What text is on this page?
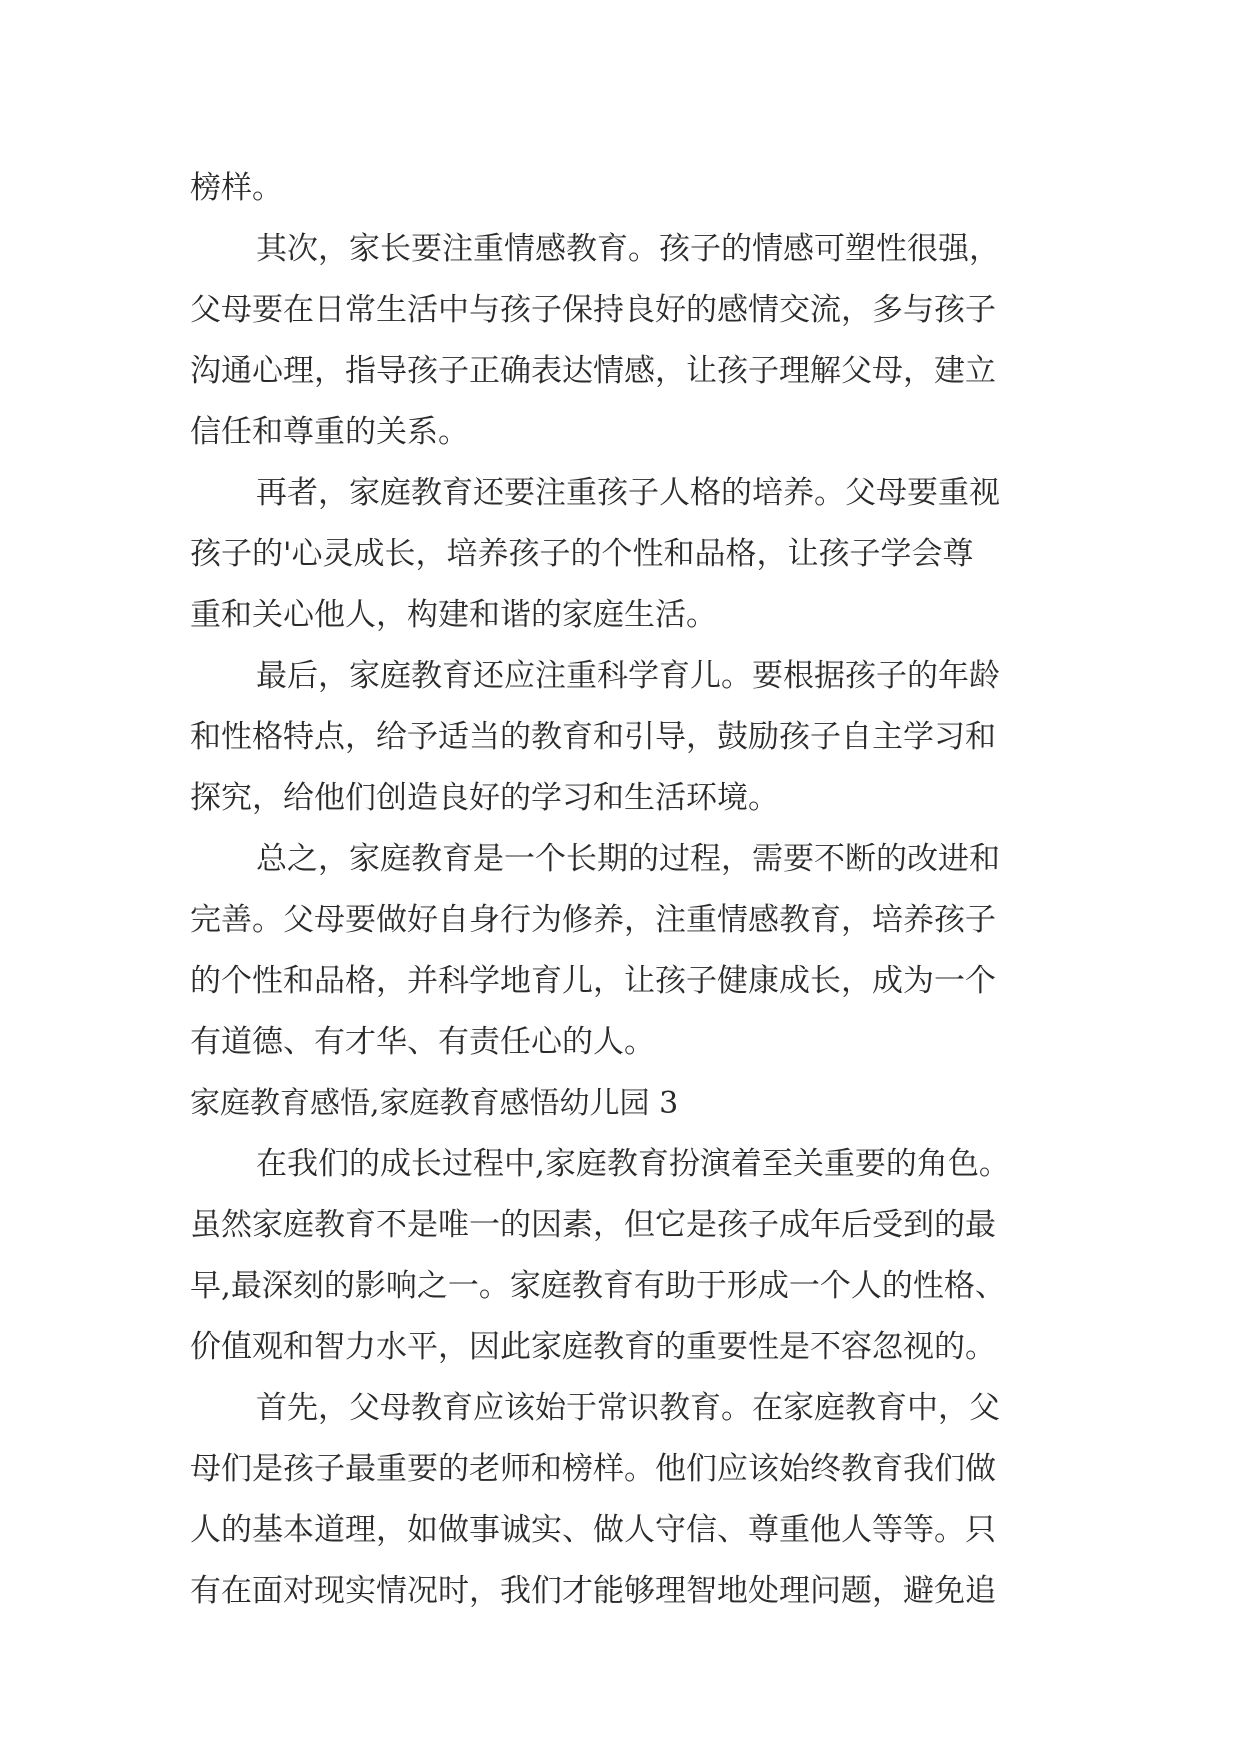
榜样。
其次，家长要注重情感教育。孩子的情感可塑性很强，
父母要在日常生活中与孩子保持良好的感情交流，多与孩子
沟通心理，指导孩子正确表达情感，让孩子理解父母，建立
信任和尊重的关系。
再者，家庭教育还要注重孩子人格的培养。父母要重视
孩子的'心灵成长，培养孩子的个性和品格，让孩子学会尊
重和关心他人，构建和谐的家庭生活。
最后，家庭教育还应注重科学育儿。要根据孩子的年龄
和性格特点，给予适当的教育和引导，鼓励孩子自主学习和
探究，给他们创造良好的学习和生活环境。
总之，家庭教育是一个长期的过程，需要不断的改进和
完善。父母要做好自身行为修养，注重情感教育，培养孩子
的个性和品格，并科学地育儿，让孩子健康成长，成为一个
有道德、有才华、有责任心的人。
家庭教育感悟,家庭教育感悟幼儿园 3
在我们的成长过程中,家庭教育扮演着至关重要的角色。
虽然家庭教育不是唯一的因素，但它是孩子成年后受到的最
早,最深刻的影响之一。家庭教育有助于形成一个人的性格、
价值观和智力水平，因此家庭教育的重要性是不容忽视的。
首先，父母教育应该始于常识教育。在家庭教育中，父
母们是孩子最重要的老师和榜样。他们应该始终教育我们做
人的基本道理，如做事诚实、做人守信、尊重他人等等。只
有在面对现实情况时，我们才能够理智地处理问题，避免追
